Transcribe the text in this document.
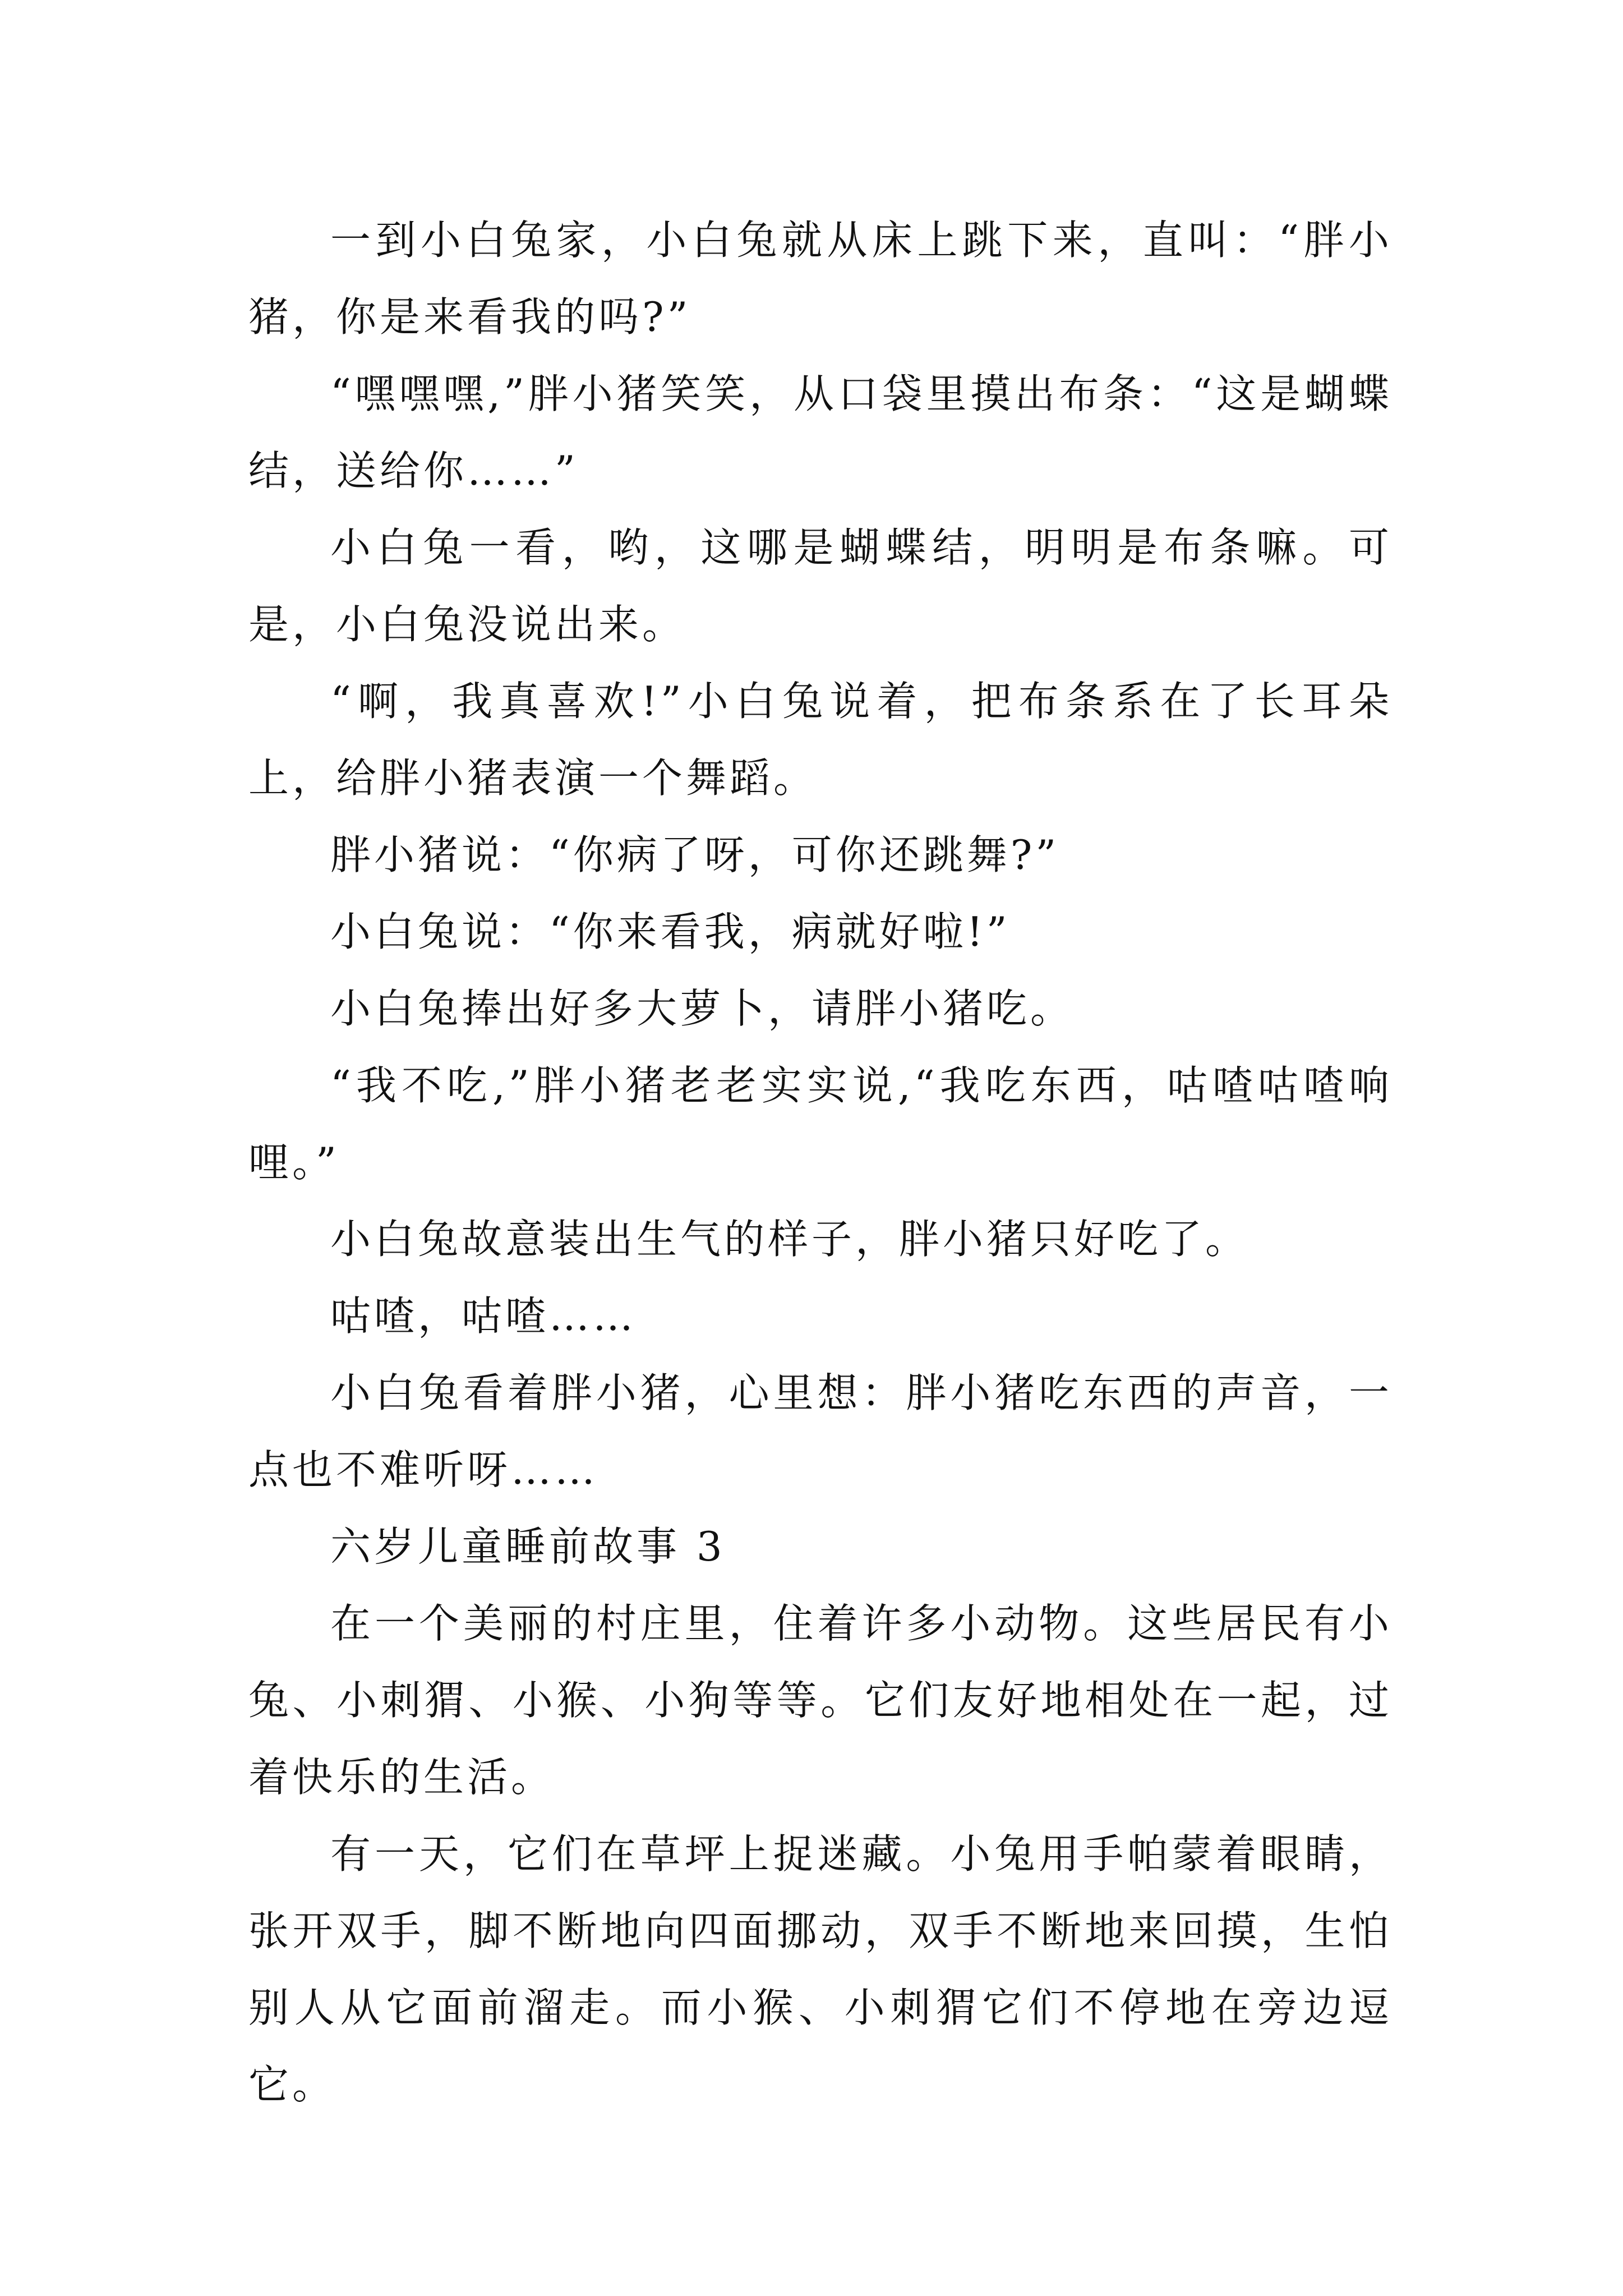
一到小白兔家，小白兔就从床上跳下来，直叫：“胖小猪，你是来看我的吗?”

“嘿嘿嘿,”胖小猪笑笑，从口袋里摸出布条：“这是蝴蝶结，送给你……”

小白兔一看，哟，这哪是蝴蝶结，明明是布条嘛。可是，小白兔没说出来。

“啊，我真喜欢!”小白兔说着，把布条系在了长耳朵上，给胖小猪表演一个舞蹈。

胖小猪说：“你病了呀，可你还跳舞?”

小白兔说：“你来看我，病就好啦!”

小白兔捧出好多大萝卜，请胖小猪吃。

“我不吃,”胖小猪老老实实说,“我吃东西，咕喳咕喳响哩。”

小白兔故意装出生气的样子，胖小猪只好吃了。

咕喳，咕喳……

小白兔看着胖小猪，心里想：胖小猪吃东西的声音，一点也不难听呀……

六岁儿童睡前故事 3

在一个美丽的村庄里，住着许多小动物。这些居民有小兔、小刺猬、小猴、小狗等等。它们友好地相处在一起，过着快乐的生活。

有一天，它们在草坪上捉迷藏。小兔用手帕蒙着眼睛，张开双手，脚不断地向四面挪动，双手不断地来回摸，生怕别人从它面前溜走。而小猴、小刺猬它们不停地在旁边逗它。
